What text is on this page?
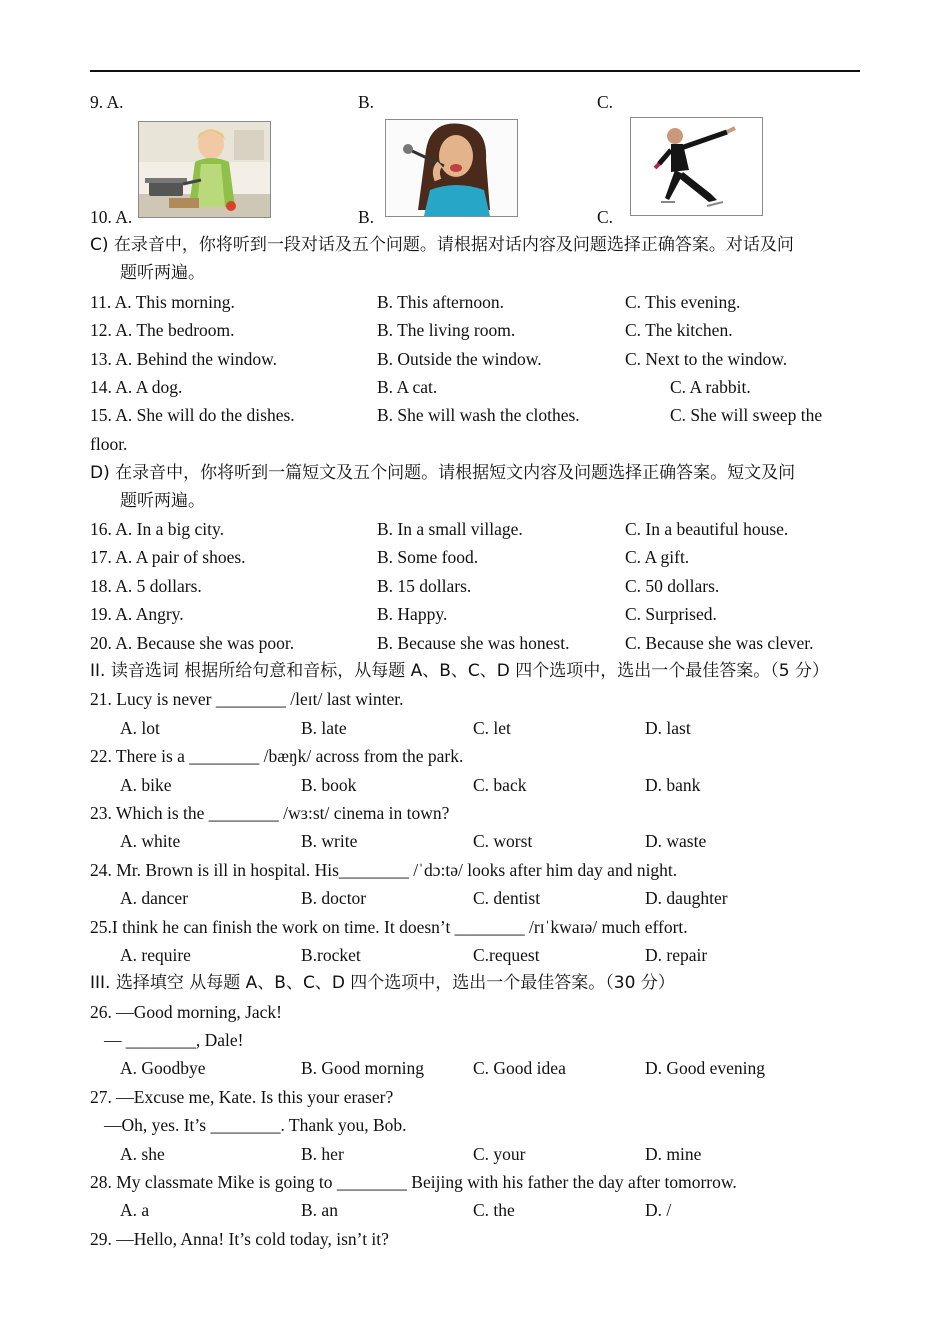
9. A.	B.	C.
10. A.	B.	C.
C) 在录音中，你将听到一段对话及五个问题。请根据对话内容及问题选择正确答案。对话及问
题听两遍。
11. A. This morning.	B. This afternoon.	C. This evening.
12. A. The bedroom.	B. The living room.	C. The kitchen.
13. A. Behind the window.	B. Outside the window.	C. Next to the window.
14. A. A dog.	B. A cat.	C. A rabbit.
15. A. She will do the dishes.	B. She will wash the clothes.	C. She will sweep the
floor.
D) 在录音中，你将听到一篇短文及五个问题。请根据短文内容及问题选择正确答案。短文及问
题听两遍。
16. A. In a big city.	B. In a small village.	C. In a beautiful house.
17. A. A pair of shoes.	B. Some food.	C. A gift.
18. A. 5 dollars.	B. 15 dollars.	C. 50 dollars.
19. A. Angry.	B. Happy.	C. Surprised.
20. A. Because she was poor.	B. Because she was honest.	C. Because she was clever.
II. 读音选词 根据所给句意和音标，从每题 A、B、C、D 四个选项中，选出一个最佳答案。（5 分）
21. Lucy is never ________ /leɪt/ last winter.
A. lot	B. late	C. let	D. last
22. There is a ________ /bæŋk/ across from the park.
A. bike	B. book	C. back	D. bank
23. Which is the ________ /wɜ:st/ cinema in town?
A. white	B. write	C. worst	D. waste
24. Mr. Brown is ill in hospital. His________ /ˈdɔ:tə/ looks after him day and night.
A. dancer	B. doctor	C. dentist	D. daughter
25.I think he can finish the work on time. It doesn’t ________ /rɪˈkwaɪə/ much effort.
A. require	B.rocket	C.request	D. repair
III. 选择填空 从每题 A、B、C、D 四个选项中，选出一个最佳答案。（30 分）
26. —Good morning, Jack!
— ________, Dale!
A. Goodbye	B. Good morning	C. Good idea	D. Good evening
27. —Excuse me, Kate. Is this your eraser?
—Oh, yes. It’s ________. Thank you, Bob.
A. she	B. her	C. your	D. mine
28. My classmate Mike is going to ________ Beijing with his father the day after tomorrow.
A. a	B. an	C. the	D. /
29. —Hello, Anna! It’s cold today, isn’t it?
